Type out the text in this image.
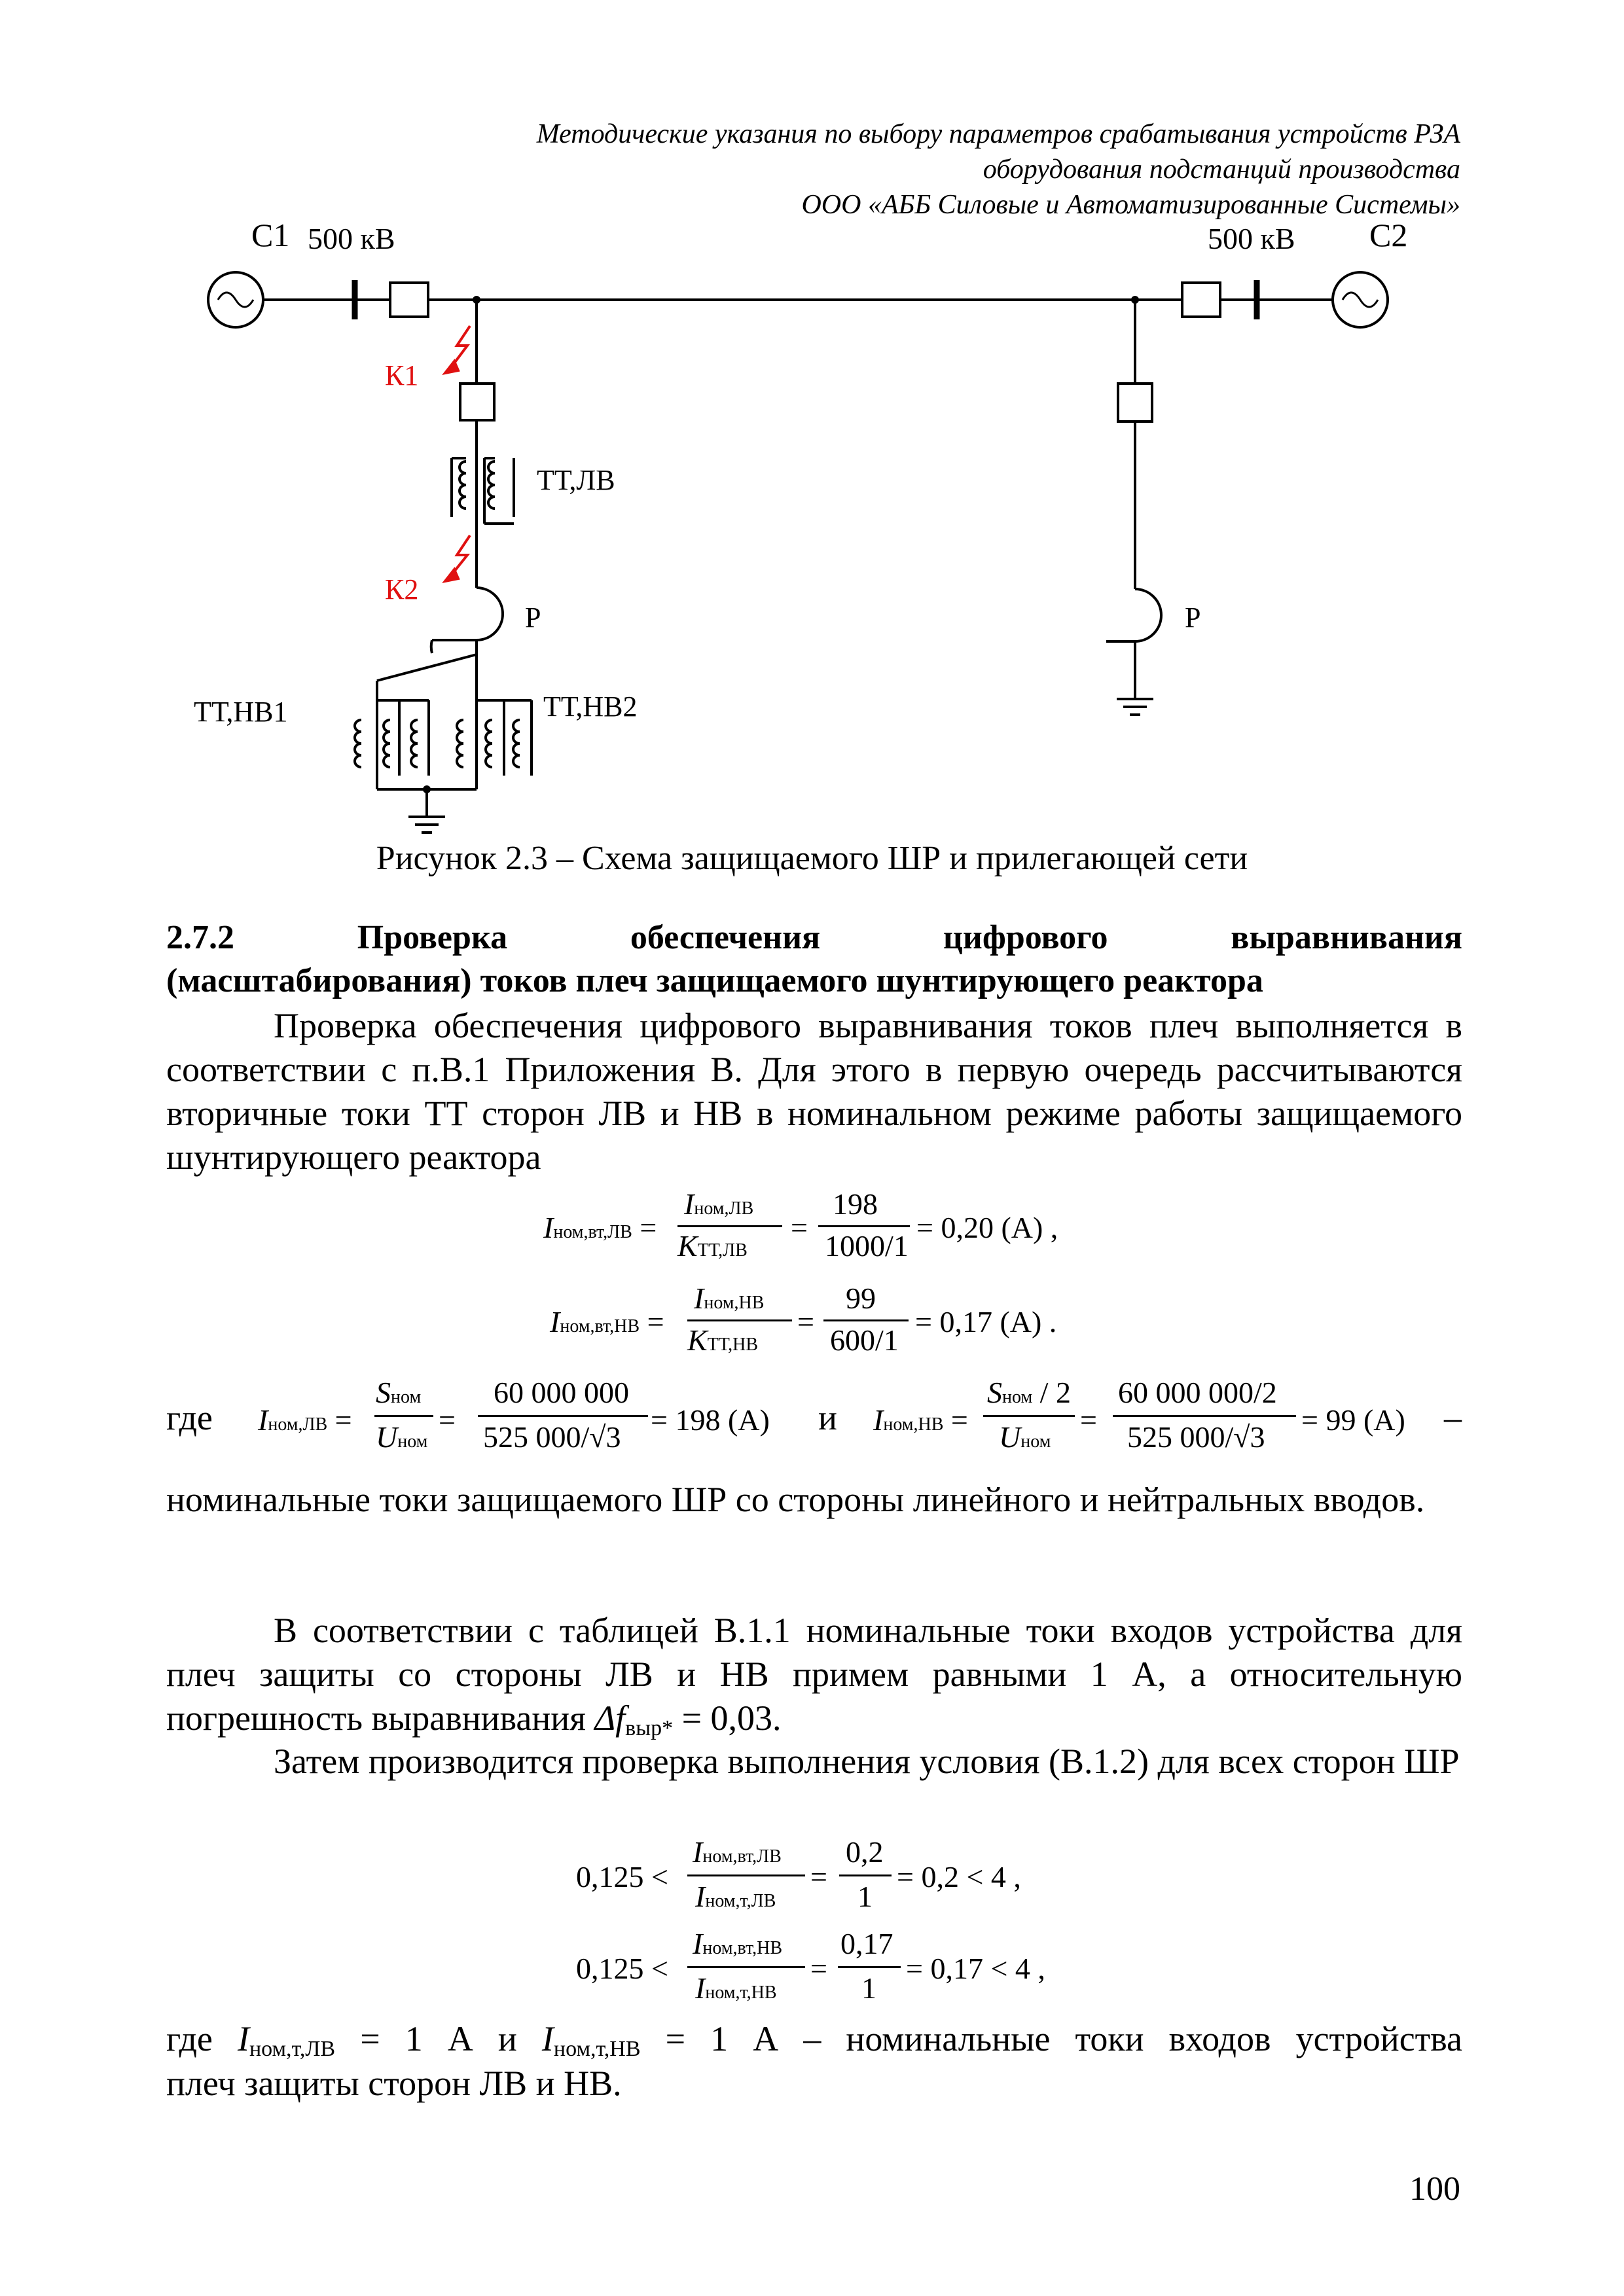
Методические указания по выбору параметров срабатывания устройств РЗА
оборудования подстанций производства
ООО «АББ Силовые и Автоматизированные Системы»
С1	С2
500 кВ	500 кВ
К1
К2
ТТ,ЛВ
Р	Р
ТТ,НВ1	ТТ,НВ2
Рисунок 2.3 – Схема защищаемого ШР и прилегающей сети
2.7.2	Проверка обеспечения цифрового выравнивания
(масштабирования) токов плеч защищаемого шунтирующего реактора
Проверка обеспечения цифрового выравнивания токов плеч выполняется в соответствии с п.В.1 Приложения В. Для этого в первую очередь рассчитываются вторичные токи ТТ сторон ЛВ и НВ в номинальном режиме работы защищаемого шунтирующего реактора
Iном,вт,ЛВ =
Iном,ЛВ
KТТ,ЛВ
=
198
1000/1
= 0,20 (А) ,
Iном,вт,НВ =
Iном,НВ
KТТ,НВ
=
99
600/1
= 0,17 (А) .
где Iном,ЛВ =
Sном
Uном
=
60 000 000
525 000/√3
= 198 (А) и Iном,НВ =
Sном / 2
Uном
=
60 000 000/2
525 000/√3
= 99 (А) –
номинальные токи защищаемого ШР со стороны линейного и нейтральных вводов.
В соответствии с таблицей В.1.1 номинальные токи входов устройства для плеч защиты со стороны ЛВ и НВ примем равными 1 А, а относительную погрешность выравнивания Δfвыр* = 0,03.
Затем производится проверка выполнения условия (В.1.2) для всех сторон ШР
0,125 <
Iном,вт,ЛВ
Iном,т,ЛВ
=
0,2
1
= 0,2 < 4 ,
0,125 <
Iном,вт,НВ
Iном,т,НВ
=
0,17
1
= 0,17 < 4 ,
где Iном,т,ЛВ = 1 А и Iном,т,НВ = 1 А – номинальные токи входов устройства
плеч защиты сторон ЛВ и НВ.
100
